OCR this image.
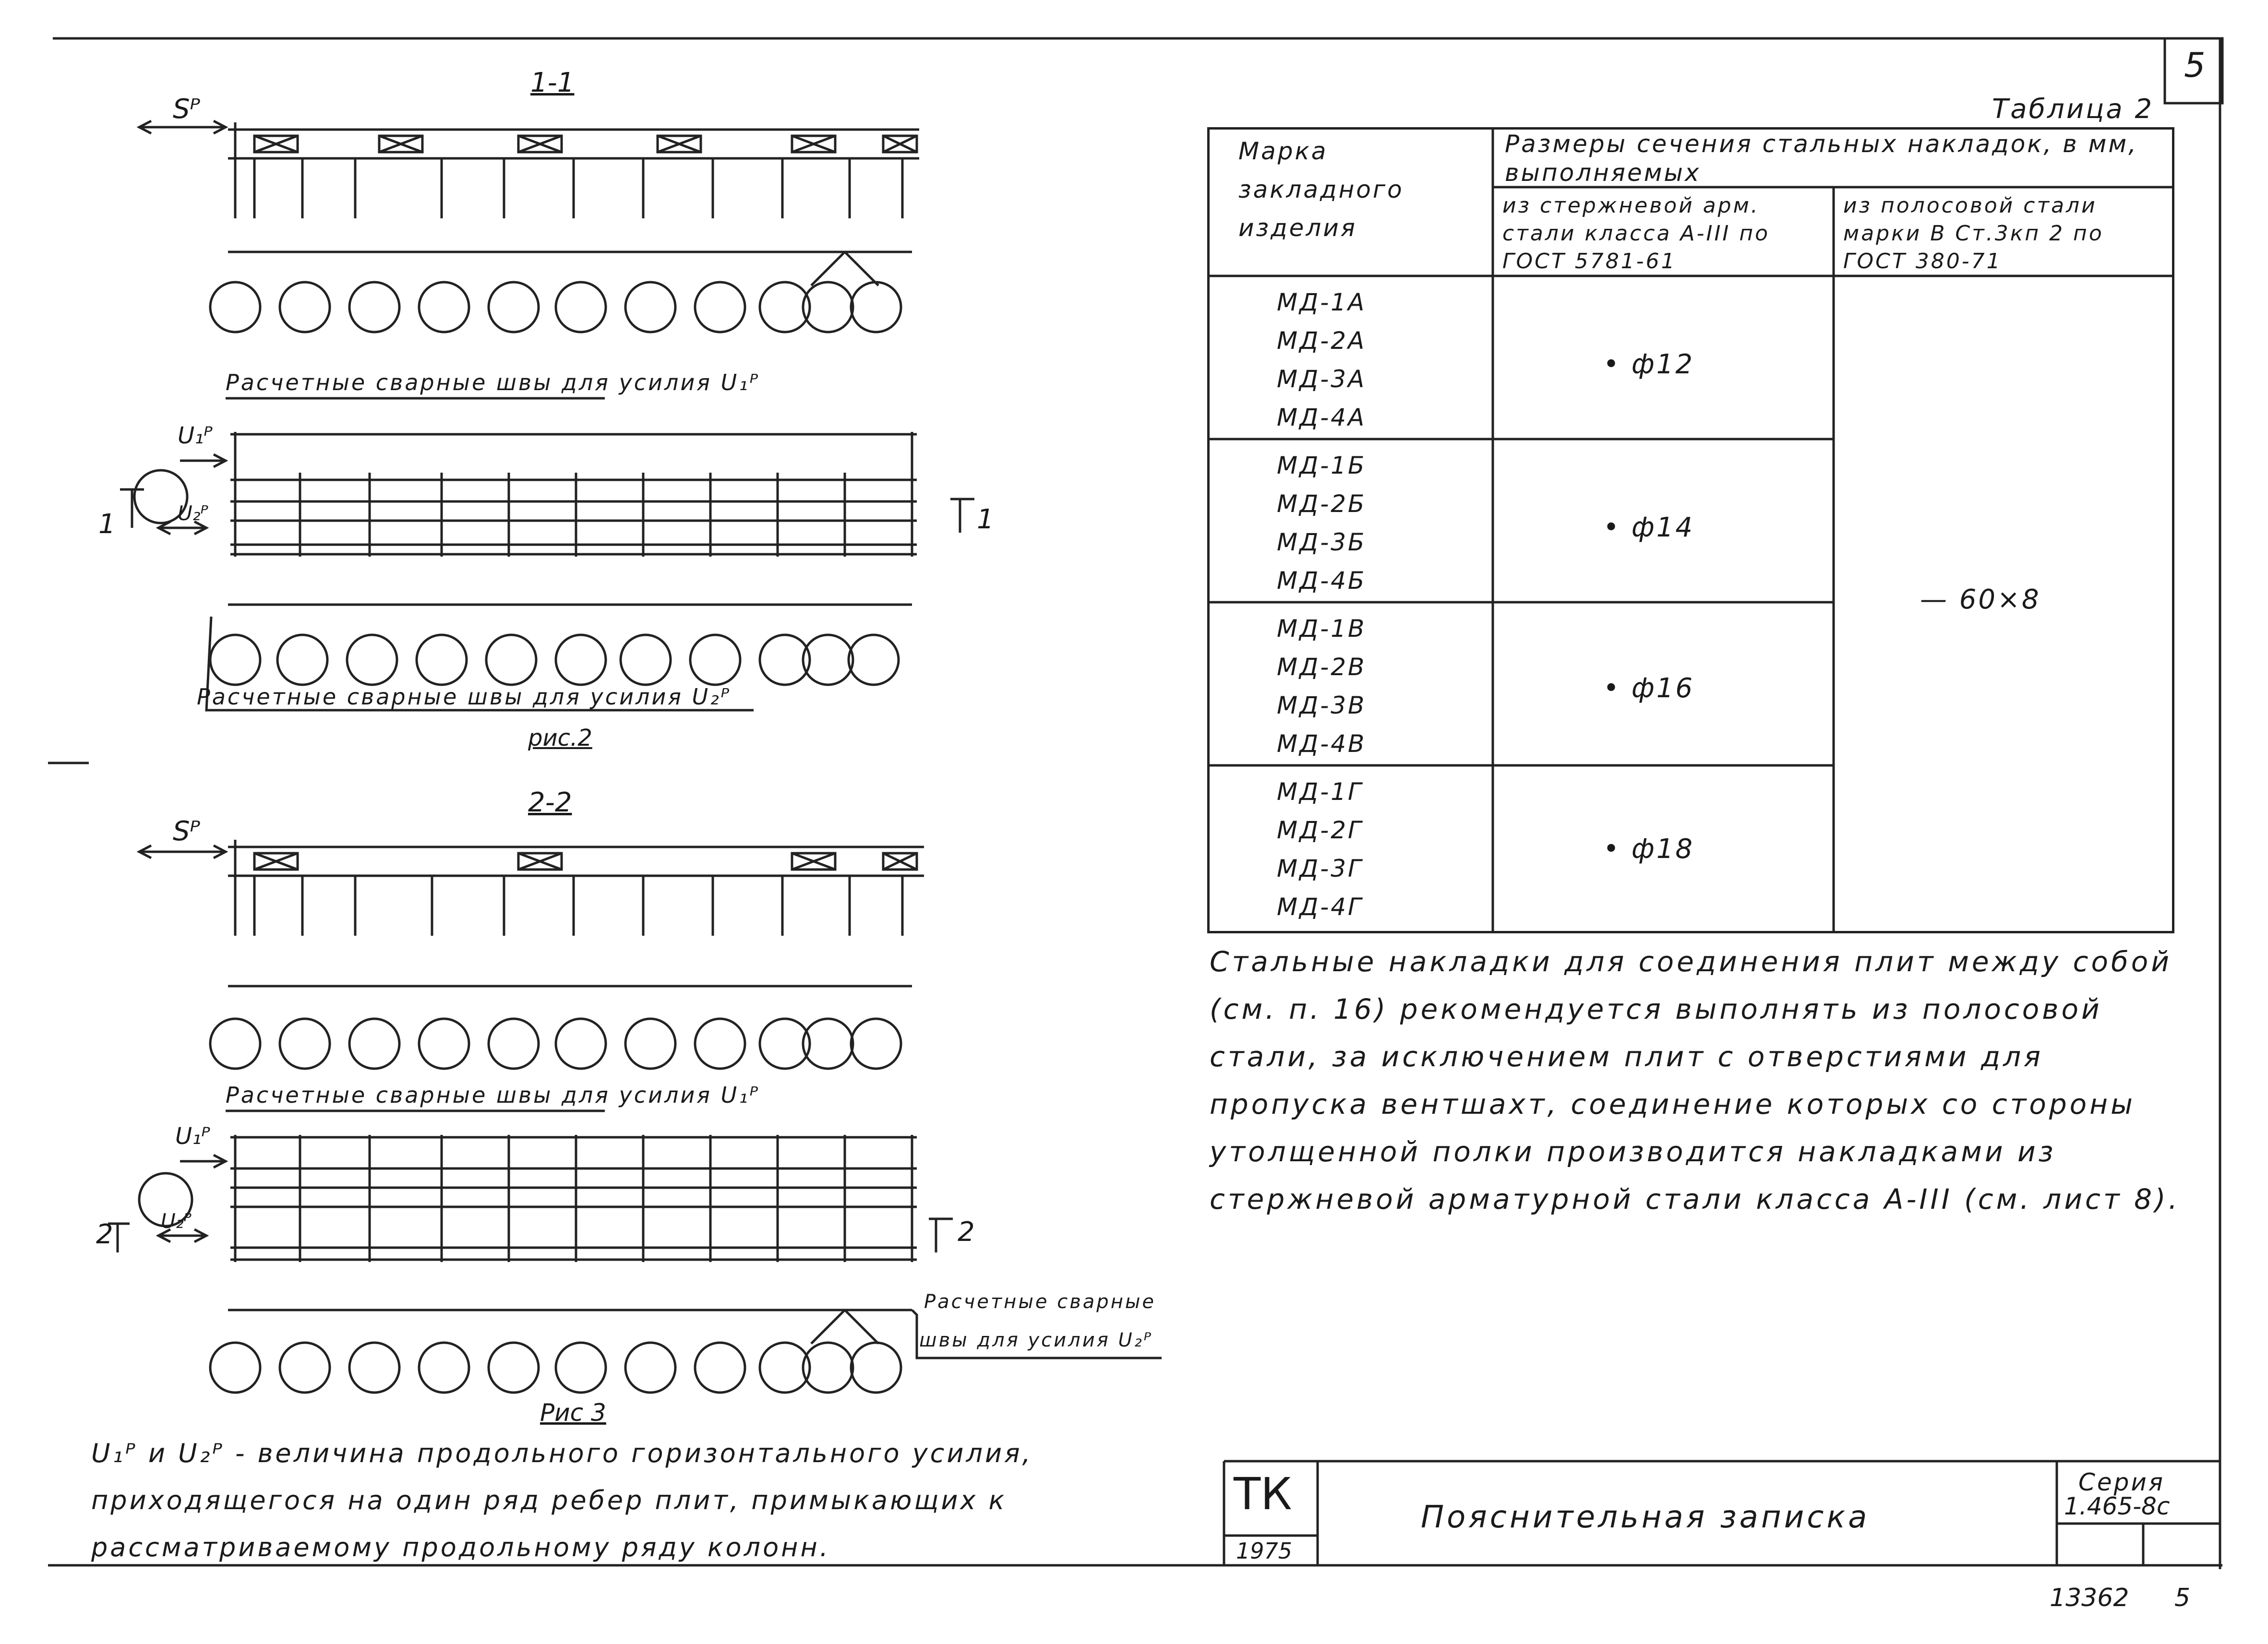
5
Таблица 2
1-1
Sᴾ
Расчетные сварные швы для усилия U₁ᴾ
U₁ᴾ
U₂ᴾ
1	1
Расчетные сварные швы для усилия U₂ᴾ
рис.2
2-2
Sᴾ
Расчетные сварные швы для усилия U₁ᴾ
U₁ᴾ
U₂ᴾ
2	2
Расчетные сварные
швы для усилия U₂ᴾ
Рис 3
U₁ᴾ и U₂ᴾ - величина продольного горизонтального усилия, приходящегося на один ряд ребер плит, примыкающих к рассматриваемому продольному ряду колонн.
Марка закладного изделия
Размеры сечения стальных накладок, в мм, выполняемых
из стержневой арм. стали класса А-III по ГОСТ 5781-61
из полосовой стали марки В Ст.3кп 2 по ГОСТ 380-71
МД-1А
МД-2А
МД-3А
МД-4А
• ф12
МД-1Б
МД-2Б
МД-3Б
МД-4Б
• ф14
МД-1В
МД-2В
МД-3В
МД-4В
• ф16
МД-1Г
МД-2Г
МД-3Г
МД-4Г
• ф18
— 60×8
Стальные накладки для соединения плит между собой (см. п. 16) рекомендуется выполнять из полосовой стали, за исключением плит с отверстиями для пропуска вентшахт, соединение которых со стороны утолщенной полки производится накладками из стержневой арматурной стали класса А-III (см. лист 8).
ТК
1975
Пояснительная записка
Серия
1.465-8с
13362 5
